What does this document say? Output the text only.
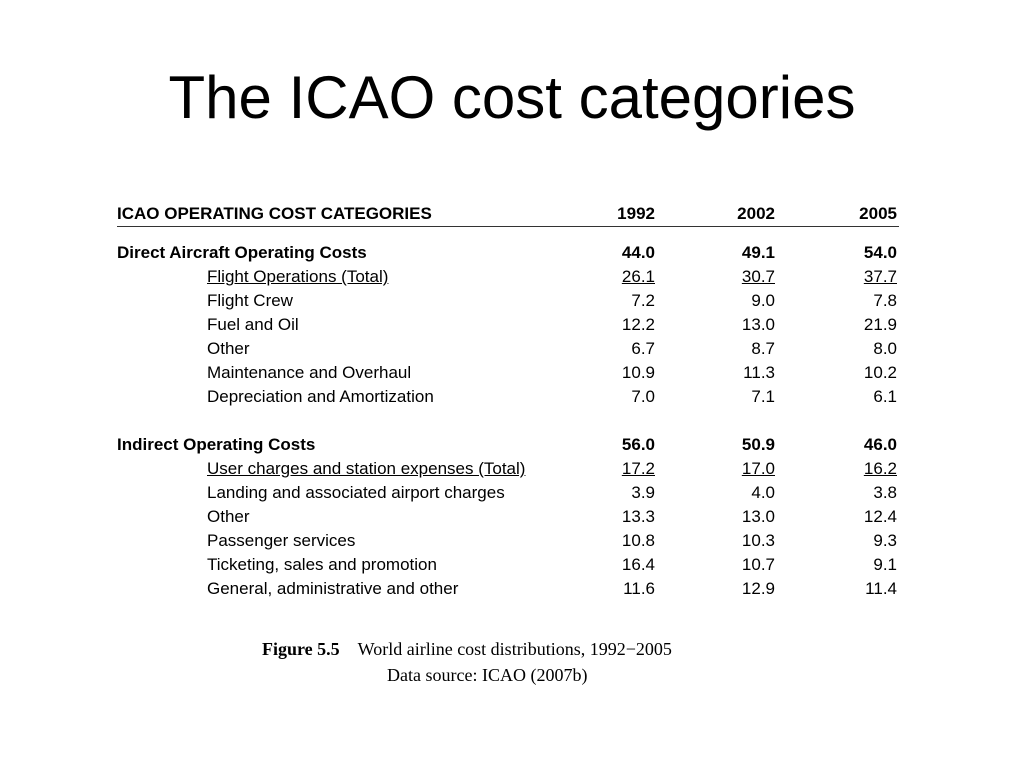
The ICAO cost categories
ICAO OPERATING COST CATEGORIES	1992	2002	2005
Direct Aircraft Operating Costs	44.0	49.1	54.0
Flight Operations (Total)	26.1	30.7	37.7
Flight Crew	7.2	9.0	7.8
Fuel and Oil	12.2	13.0	21.9
Other	6.7	8.7	8.0
Maintenance and Overhaul	10.9	11.3	10.2
Depreciation and Amortization	7.0	7.1	6.1
Indirect Operating Costs	56.0	50.9	46.0
User charges and station expenses (Total)	17.2	17.0	16.2
Landing and associated airport charges	3.9	4.0	3.8
Other	13.3	13.0	12.4
Passenger services	10.8	10.3	9.3
Ticketing, sales and promotion	16.4	10.7	9.1
General, administrative and other	11.6	12.9	11.4
Figure 5.5 World airline cost distributions, 1992−2005
Data source: ICAO (2007b)
